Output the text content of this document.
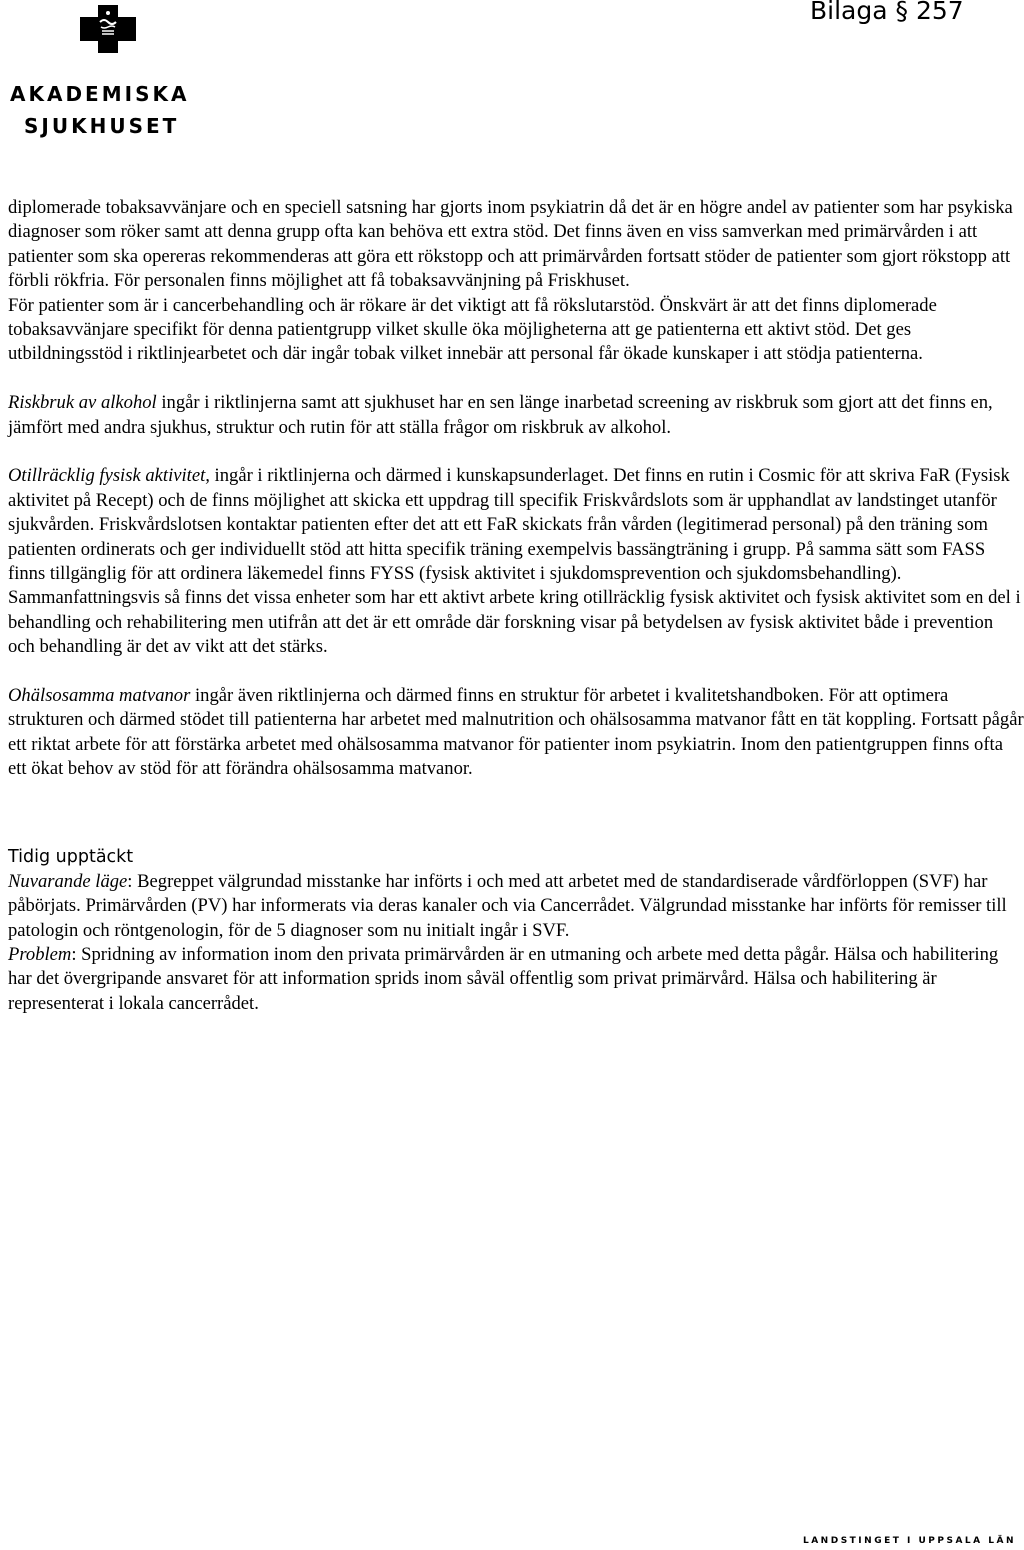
AKADEMISKA
SJUKHUSET
Bilaga § 257

diplomerade tobaksavvänjare och en speciell satsning har gjorts inom psykiatrin då det är en högre andel av patienter som har psykiska diagnoser som röker samt att denna grupp ofta kan behöva ett extra stöd. Det finns även en viss samverkan med primärvården i att patienter som ska opereras rekommenderas att göra ett rökstopp och att primärvården fortsatt stöder de patienter som gjort rökstopp att förbli rökfria. För personalen finns möjlighet att få tobaksavvänjning på Friskhuset.

För patienter som är i cancerbehandling och är rökare är det viktigt att få rökslutarstöd. Önskvärt är att det finns diplomerade tobaksavvänjare specifikt för denna patientgrupp vilket skulle öka möjligheterna att ge patienterna ett aktivt stöd. Det ges utbildningsstöd i riktlinjearbetet och där ingår tobak vilket innebär att personal får ökade kunskaper i att stödja patienterna.

Riskbruk av alkohol ingår i riktlinjerna samt att sjukhuset har en sen länge inarbetad screening av riskbruk som gjort att det finns en, jämfört med andra sjukhus, struktur och rutin för att ställa frågor om riskbruk av alkohol.

Otillräcklig fysisk aktivitet, ingår i riktlinjerna och därmed i kunskapsunderlaget. Det finns en rutin i Cosmic för att skriva FaR (Fysisk aktivitet på Recept) och de finns möjlighet att skicka ett uppdrag till specifik Friskvårdslots som är upphandlat av landstinget utanför sjukvården. Friskvårdslotsen kontaktar patienten efter det att ett FaR skickats från vården (legitimerad personal) på den träning som patienten ordinerats och ger individuellt stöd att hitta specifik träning exempelvis bassängträning i grupp. På samma sätt som FASS finns tillgänglig för att ordinera läkemedel finns FYSS (fysisk aktivitet i sjukdomsprevention och sjukdomsbehandling). Sammanfattningsvis så finns det vissa enheter som har ett aktivt arbete kring otillräcklig fysisk aktivitet och fysisk aktivitet som en del i behandling och rehabilitering men utifrån att det är ett område där forskning visar på betydelsen av fysisk aktivitet både i prevention och behandling är det av vikt att det stärks.

Ohälsosamma matvanor ingår även riktlinjerna och därmed finns en struktur för arbetet i kvalitetshandboken. För att optimera strukturen och därmed stödet till patienterna har arbetet med malnutrition och ohälsosamma matvanor fått en tät koppling. Fortsatt pågår ett riktat arbete för att förstärka arbetet med ohälsosamma matvanor för patienter inom psykiatrin. Inom den patientgruppen finns ofta ett ökat behov av stöd för att förändra ohälsosamma matvanor.

Tidig upptäckt

Nuvarande läge: Begreppet välgrundad misstanke har införts i och med att arbetet med de standardiserade vårdförloppen (SVF) har påbörjats. Primärvården (PV) har informerats via deras kanaler och via Cancerrådet. Välgrundad misstanke har införts för remisser till patologin och röntgenologin, för de 5 diagnoser som nu initialt ingår i SVF.

Problem: Spridning av information inom den privata primärvården är en utmaning och arbete med detta pågår. Hälsa och habilitering har det övergripande ansvaret för att information sprids inom såväl offentlig som privat primärvård. Hälsa och habilitering är representerat i lokala cancerrådet.

LANDSTINGET I UPPSALA LÄN
